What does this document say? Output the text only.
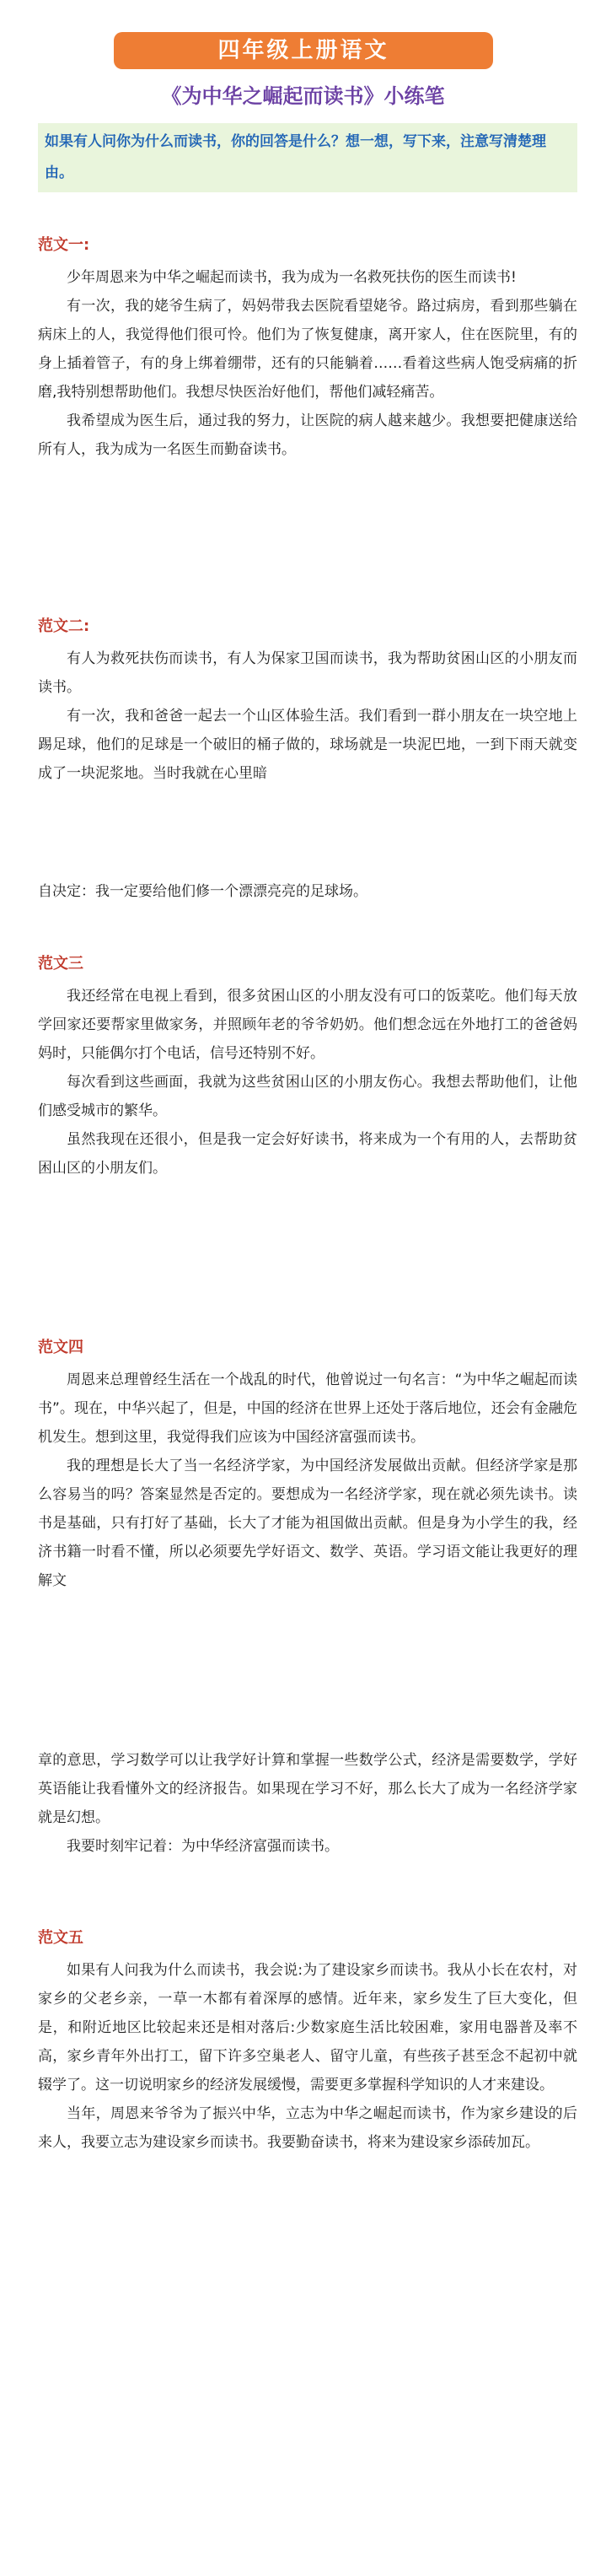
四年级上册语文
《为中华之崛起而读书》小练笔
如果有人问你为什么而读书，你的回答是什么？想一想，写下来，注意写清楚理由。
范文一:

少年周恩来为中华之崛起而读书，我为成为一名救死扶伤的医生而读书!

有一次，我的姥爷生病了，妈妈带我去医院看望姥爷。路过病房，看到那些躺在病床上的人，我觉得他们很可怜。他们为了恢复健康，离开家人，住在医院里，有的身上插着管子，有的身上绑着绷带，还有的只能躺着……看着这些病人饱受病痛的折磨,我特别想帮助他们。我想尽快医治好他们，帮他们减轻痛苦。

我希望成为医生后，通过我的努力，让医院的病人越来越少。我想要把健康送给所有人，我为成为一名医生而勤奋读书。

范文二:

有人为救死扶伤而读书，有人为保家卫国而读书，我为帮助贫困山区的小朋友而读书。

有一次，我和爸爸一起去一个山区体验生活。我们看到一群小朋友在一块空地上踢足球，他们的足球是一个破旧的桶子做的，球场就是一块泥巴地，一到下雨天就变成了一块泥浆地。当时我就在心里暗

自决定：我一定要给他们修一个漂漂亮亮的足球场。

范文三

我还经常在电视上看到，很多贫困山区的小朋友没有可口的饭菜吃。他们每天放学回家还要帮家里做家务，并照顾年老的爷爷奶奶。他们想念远在外地打工的爸爸妈妈时，只能偶尔打个电话，信号还特别不好。

每次看到这些画面，我就为这些贫困山区的小朋友伤心。我想去帮助他们，让他们感受城市的繁华。

虽然我现在还很小，但是我一定会好好读书，将来成为一个有用的人，去帮助贫困山区的小朋友们。

范文四

周恩来总理曾经生活在一个战乱的时代，他曾说过一句名言：“为中华之崛起而读书”。现在，中华兴起了，但是，中国的经济在世界上还处于落后地位，还会有金融危机发生。想到这里，我觉得我们应该为中国经济富强而读书。

我的理想是长大了当一名经济学家，为中国经济发展做出贡献。但经济学家是那么容易当的吗？答案显然是否定的。要想成为一名经济学家，现在就必须先读书。读书是基础，只有打好了基础，长大了才能为祖国做出贡献。但是身为小学生的我，经济书籍一时看不懂，所以必须要先学好语文、数学、英语。学习语文能让我更好的理解文

章的意思，学习数学可以让我学好计算和掌握一些数学公式，经济是需要数学，学好英语能让我看懂外文的经济报告。如果现在学习不好，那么长大了成为一名经济学家就是幻想。

我要时刻牢记着：为中华经济富强而读书。

范文五

如果有人问我为什么而读书，我会说:为了建设家乡而读书。我从小长在农村，对家乡的父老乡亲，一草一木都有着深厚的感情。近年来，家乡发生了巨大变化，但是，和附近地区比较起来还是相对落后:少数家庭生活比较困难，家用电器普及率不高，家乡青年外出打工，留下许多空巢老人、留守儿童，有些孩子甚至念不起初中就辍学了。这一切说明家乡的经济发展缓慢，需要更多掌握科学知识的人才来建设。

当年，周恩来爷爷为了振兴中华，立志为中华之崛起而读书，作为家乡建设的后来人，我要立志为建设家乡而读书。我要勤奋读书，将来为建设家乡添砖加瓦。
